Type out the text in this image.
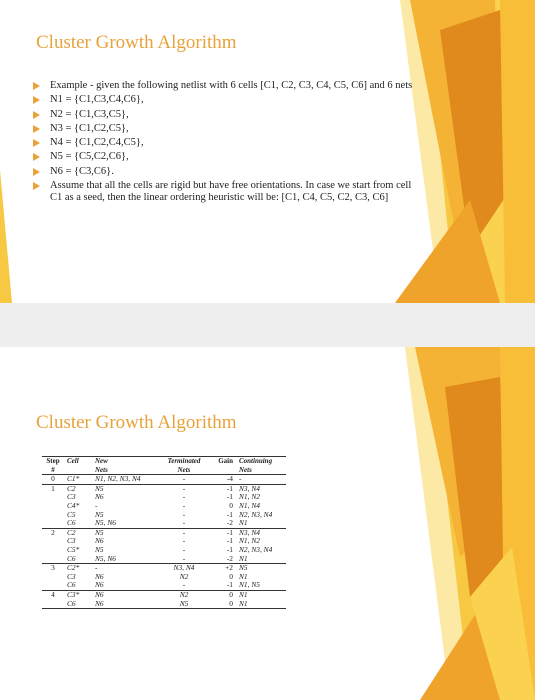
Cluster Growth Algorithm
Example - given the following netlist with 6 cells [C1, C2, C3, C4, C5, C6] and 6 nets
N1 = {C1,C3,C4,C6},
N2 = {C1,C3,C5},
N3 = {C1,C2,C5},
N4 = {C1,C2,C4,C5},
N5 = {C5,C2,C6},
N6 = {C3,C6}.
Assume that all the cells are rigid but have free orientations. In case we start from cell C1 as a seed, then the linear ordering heuristic will be: [C1, C4, C5, C2, C3, C6]
Cluster Growth Algorithm
Step	Cell	New	Terminated	Gain	Continuing
#		Nets	Nets		Nets
0	C1*	N1, N2, N3, N4	-	-4	-
1	C2	N5	-	-1	N3, N4
	C3	N6	-	-1	N1, N2
	C4*	-	-	0	N1, N4
	C5	N5	-	-1	N2, N3, N4
	C6	N5, N6	-	-2	N1
2	C2	N5	-	-1	N3, N4
	C3	N6	-	-1	N1, N2
	C5*	N5	-	-1	N2, N3, N4
	C6	N5, N6	-	-2	N1
3	C2*	-	N3, N4	+2	N5
	C3	N6	N2	0	N1
	C6	N6	-	-1	N1, N5
4	C3*	N6	N2	0	N1
	C6	N6	N5	0	N1
